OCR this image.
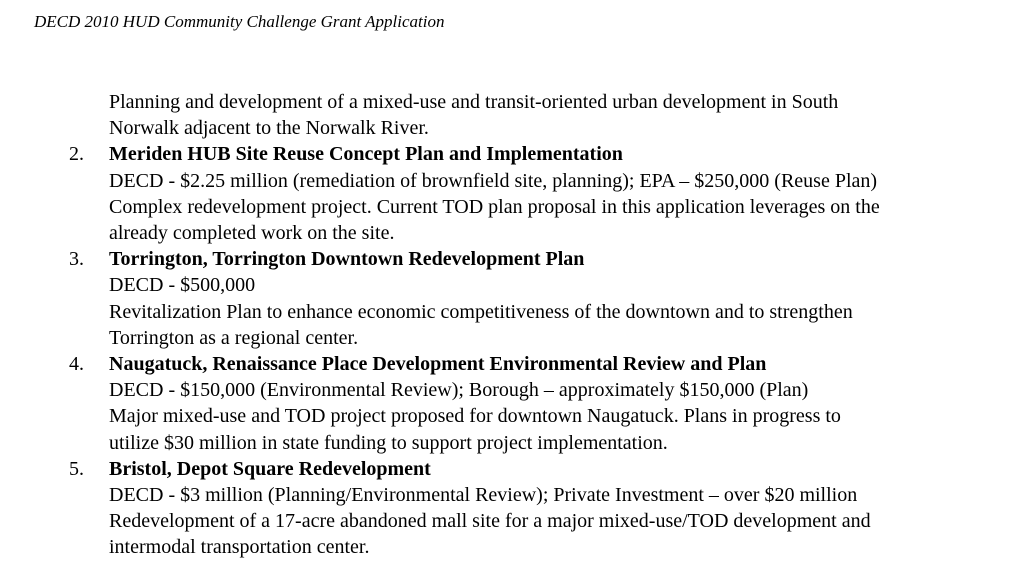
DECD 2010 HUD Community Challenge Grant Application
Planning and development of a mixed-use and transit-oriented urban development in South
Norwalk adjacent to the Norwalk River.
2. Meriden HUB Site Reuse Concept Plan and Implementation
DECD - $2.25 million (remediation of brownfield site, planning); EPA – $250,000 (Reuse Plan)
Complex redevelopment project. Current TOD plan proposal in this application leverages on the
already completed work on the site.
3. Torrington, Torrington Downtown Redevelopment Plan
DECD - $500,000
Revitalization Plan to enhance economic competitiveness of the downtown and to strengthen
Torrington as a regional center.
4. Naugatuck, Renaissance Place Development Environmental Review and Plan
DECD - $150,000 (Environmental Review); Borough – approximately $150,000 (Plan)
Major mixed-use and TOD project proposed for downtown Naugatuck. Plans in progress to
utilize $30 million in state funding to support project implementation.
5. Bristol, Depot Square Redevelopment
DECD - $3 million (Planning/Environmental Review); Private Investment – over $20 million
Redevelopment of a 17-acre abandoned mall site for a major mixed-use/TOD development and
intermodal transportation center.
